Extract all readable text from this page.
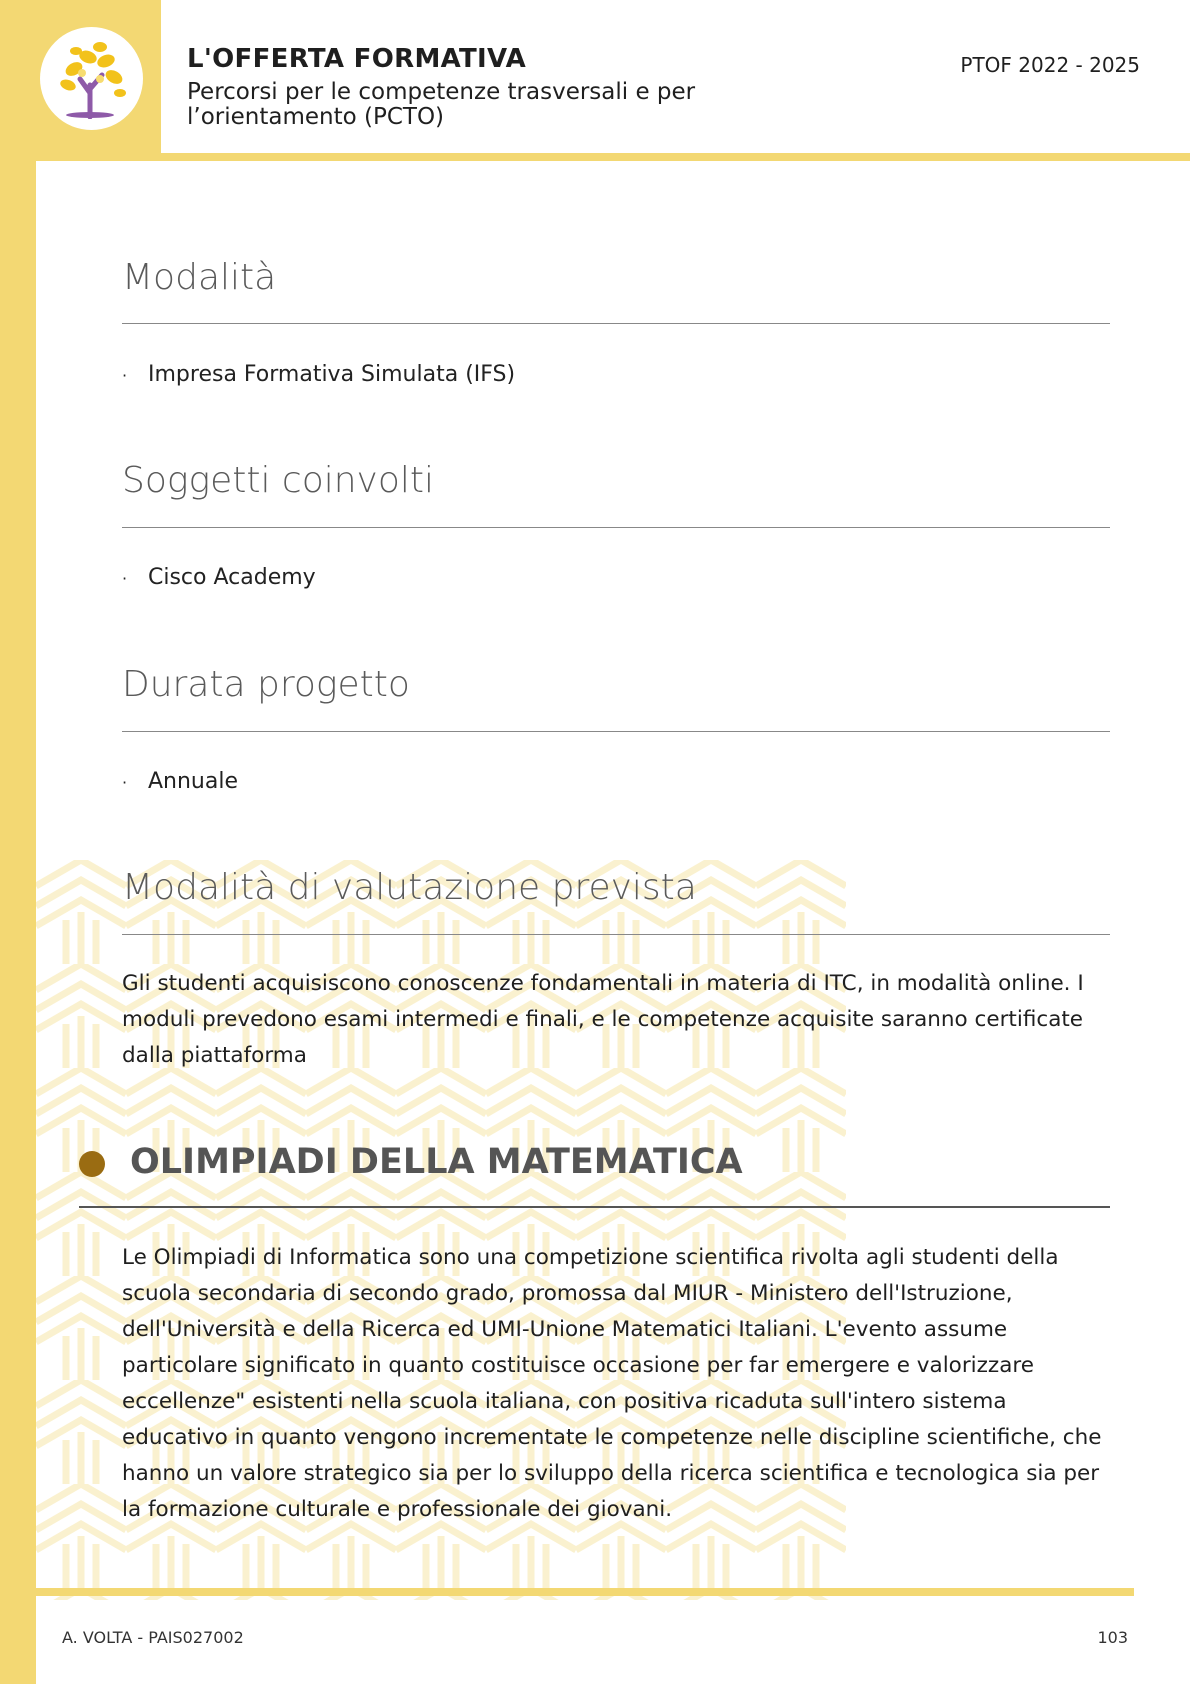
L'OFFERTA FORMATIVA
Percorsi per le competenze trasversali e per l’orientamento (PCTO)
PTOF 2022 - 2025
Modalità
· Impresa Formativa Simulata (IFS)
Soggetti coinvolti
· Cisco Academy
Durata progetto
· Annuale
Modalità di valutazione prevista
Gli studenti acquisiscono conoscenze fondamentali in materia di ITC, in modalità online. I moduli prevedono esami intermedi e finali, e le competenze acquisite saranno certificate dalla piattaforma
OLIMPIADI DELLA MATEMATICA
Le Olimpiadi di Informatica sono una competizione scientifica rivolta agli studenti della scuola secondaria di secondo grado, promossa dal MIUR - Ministero dell'Istruzione, dell'Università e della Ricerca ed UMI-Unione Matematici Italiani. L'evento assume particolare significato in quanto costituisce occasione per far emergere e valorizzare eccellenze" esistenti nella scuola italiana, con positiva ricaduta sull'intero sistema educativo in quanto vengono incrementate le competenze nelle discipline scientifiche, che hanno un valore strategico sia per lo sviluppo della ricerca scientifica e tecnologica sia per la formazione culturale e professionale dei giovani.
A. VOLTA - PAIS027002	103
